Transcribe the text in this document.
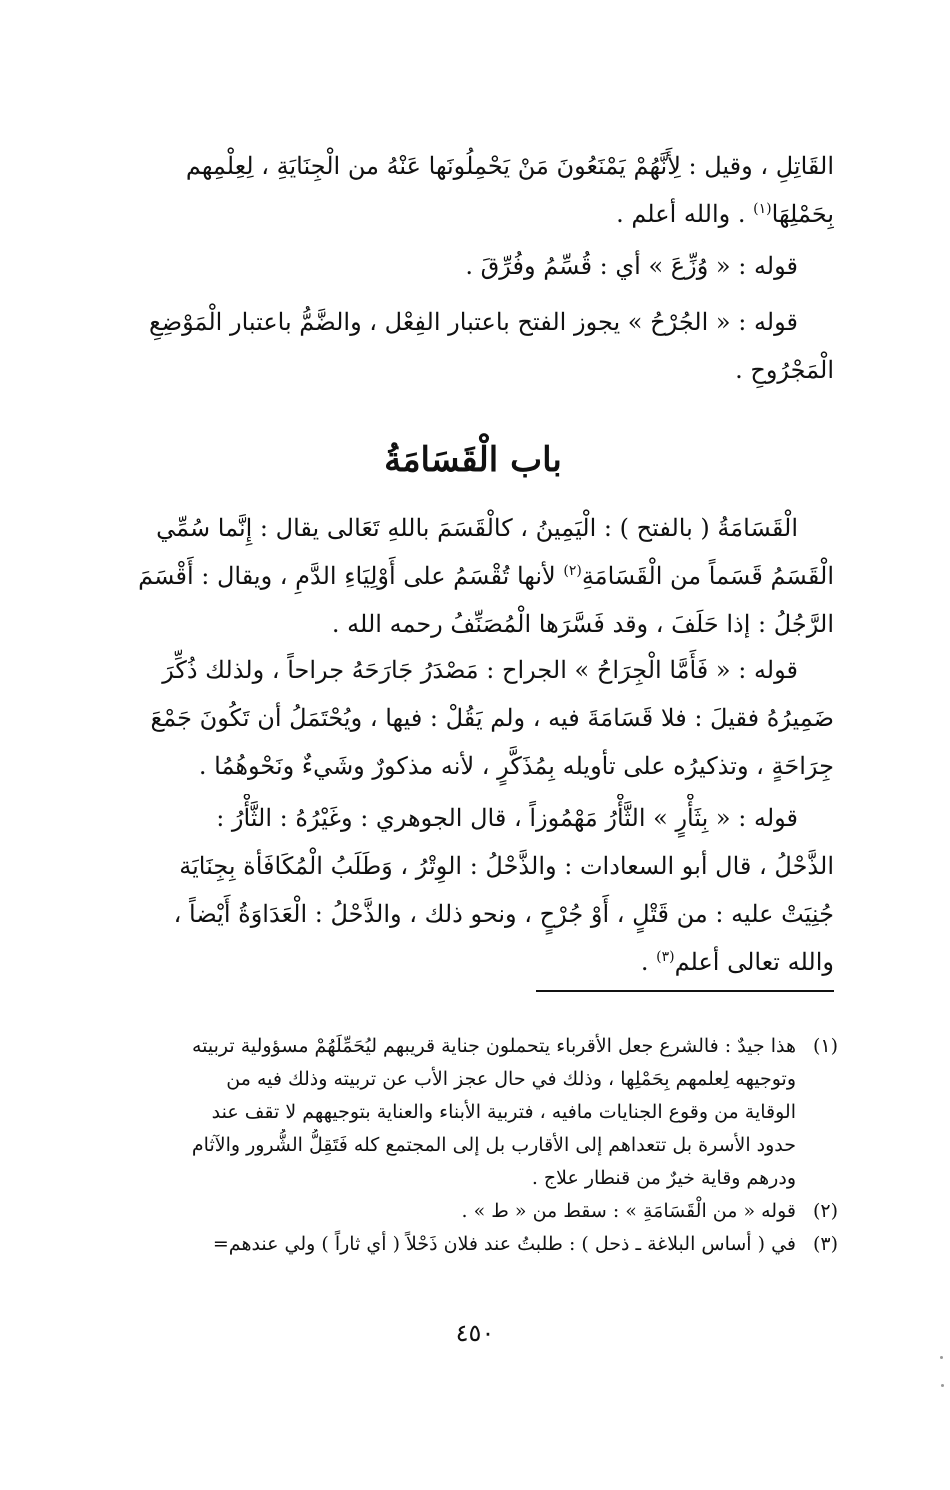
القَاتِلِ ، وقيل : لِأَنَّهُمْ يَمْنَعُونَ مَنْ يَحْمِلُونَها عَنْهُ من الْجِنَايَةِ ، لِعِلْمِهم
بِحَمْلِهَا$^{(١)}$ . والله أعلم .
قوله : « وُزِّعَ » أي : قُسِّمُ وفُرِّقَ .
قوله : « الجُرْحُ » يجوز الفتح باعتبار الفِعْل ، والضَّمُّ باعتبار الْمَوْضِعِ
الْمَجْرُوحِ .
باب الْقَسَامَةُ
الْقَسَامَةُ ( بالفتح ) : الْيَمِينُ ، كالْقَسَمَ باللهِ تَعَالى يقال : إِنَّما سُمِّي
الْقَسَمُ قَسَماً من الْقَسَامَةِ$^{(٢)}$ لأنها تُقْسَمُ على أَوْلِيَاءِ الدَّمِ ، ويقال : أَقْسَمَ
الرَّجُلُ : إذا حَلَفَ ، وقد فَسَّرَها الْمُصَنِّفُ رحمه الله .
قوله : « فَأَمَّا الْجِرَاحُ » الجراح : مَصْدَرُ جَارَحَهُ جراحاً ، ولذلك ذُكِّرَ
ضَمِيرُهُ فقيلَ : فلا قَسَامَةَ فيه ، ولم يَقُلْ : فيها ، ويُحْتَمَلُ أن تَكُونَ جَمْعَ
جِرَاحَةٍ ، وتذكيرُه على تأويله بِمُذَكَّرٍ ، لأنه مذكورٌ وشَيءٌ ونَحْوهُمُا .
قوله : « بِثَأْرٍ » الثَّأْرُ مَهْمُوزاً ، قال الجوهري : وغَيْرُهُ : الثَّأْرُ :
الذَّحْلُ ، قال أبو السعادات : والذَّحْلُ : الوِتْرُ ، وَطَلَبُ الْمُكَافَأة بِجِنَايَة
جُنِيَتْ عليه : من قَتْلٍ ، أَوْ جُرْحٍ ، ونحو ذلك ، والذَّحْلُ : الْعَدَاوَةُ أَيْضاً ،
والله تعالى أعلم$^{(٣)}$ .
(١)هذا جيدٌ : فالشرع جعل الأقرباء يتحملون جناية قريبهم ليُحَمِّلَهُمْ مسؤولية تربيته
وتوجيهه لِعلمهم بِحَمْلِها ، وذلك في حال عجز الأب عن تربيته وذلك فيه من
الوقاية من وقوع الجنايات مافيه ، فتربية الأبناء والعناية بتوجيههم لا تقف عند
حدود الأسرة بل تتعداهم إلى الأقارب بل إلى المجتمع كله فَتَقِلُّ الشُّرور والآثام
ودرهم وقاية خيرٌ من قنطار علاج .
(٢)قوله « من الْقَسَامَةِ » : سقط من « ط » .
(٣)في ( أساس البلاغة ـ ذحل ) : طلبتُ عند فلان ذَحْلاً ( أي ثاراً ) ولي عندهم=
٤٥٠
